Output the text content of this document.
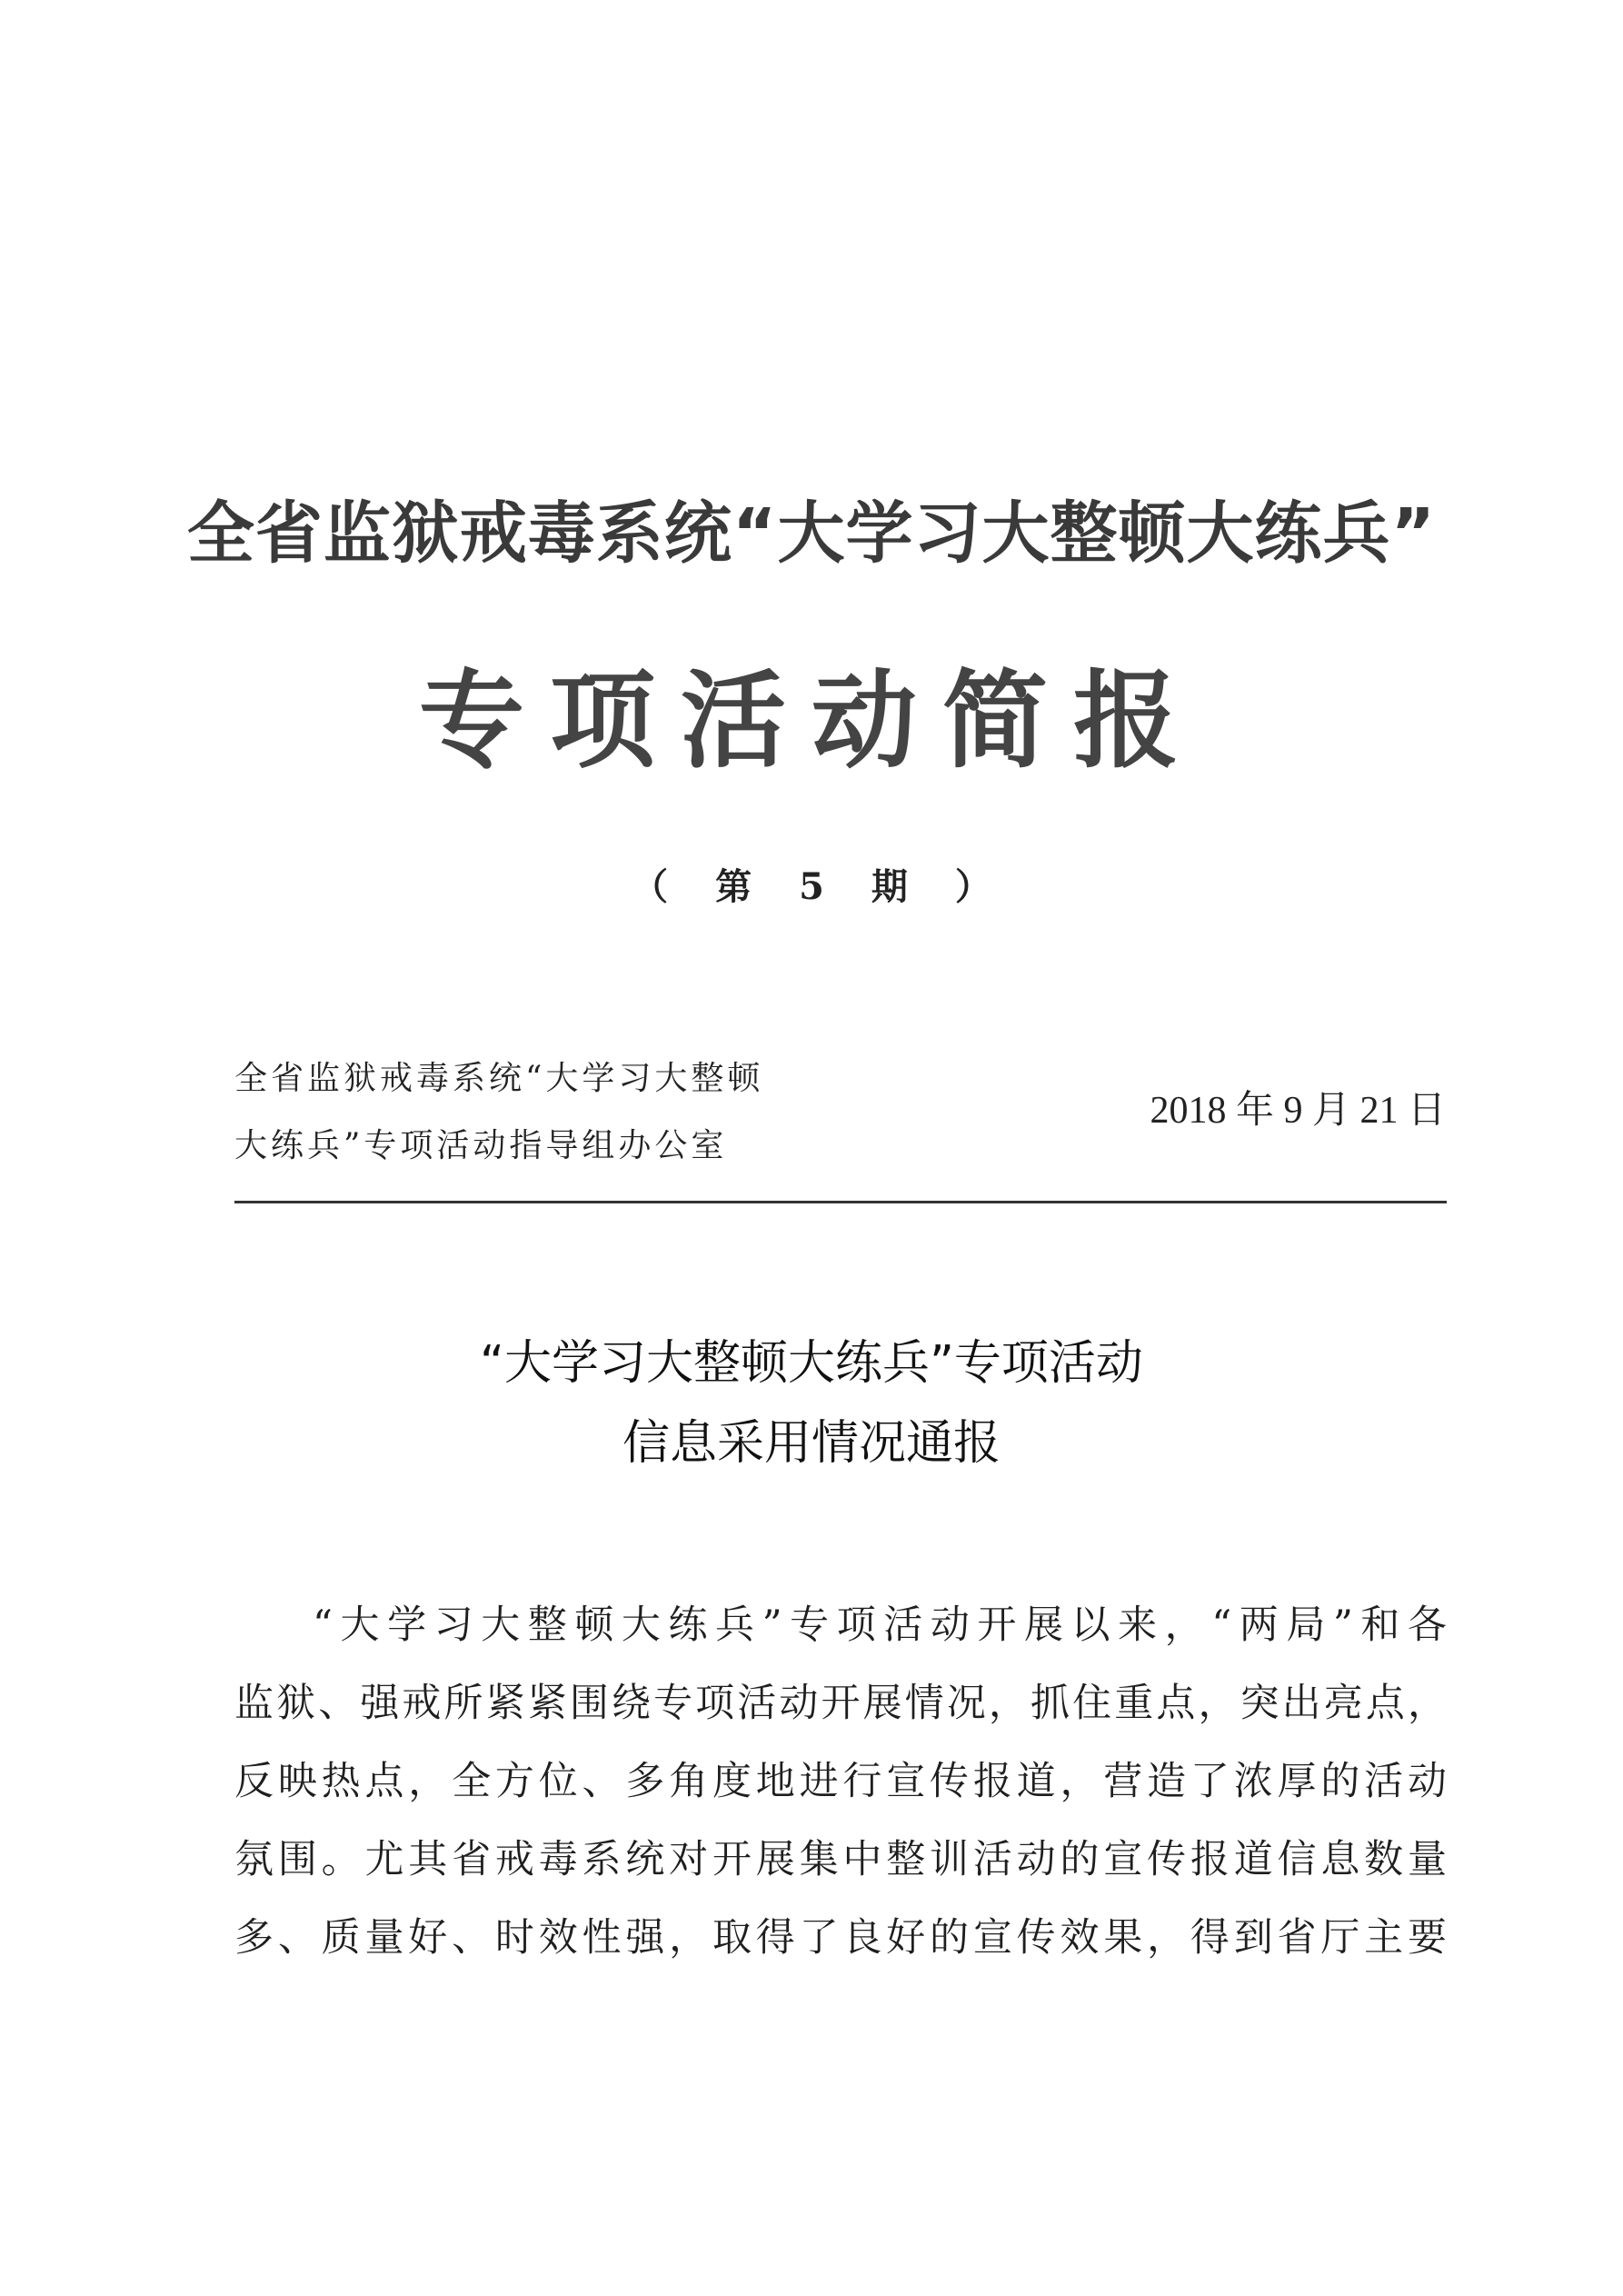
全省监狱戒毒系统“大学习大整顿大练兵”
专项活动简报
（ 第 5 期 ）
全省监狱戒毒系统“大学习大整顿
大练兵”专项活动指导组办公室
2018 年 9 月 21 日
“大学习大整顿大练兵”专项活动
信息采用情况通报
“大学习大整顿大练兵”专项活动开展以来，“两局”和各
监狱、强戒所紧紧围绕专项活动开展情况，抓住重点，突出亮点，
反映热点，全方位、多角度地进行宣传报道，营造了浓厚的活动
氛围。尤其省戒毒系统对开展集中整训活动的宣传报道信息数量
多、质量好、时效性强，取得了良好的宣传效果，得到省厅主要
